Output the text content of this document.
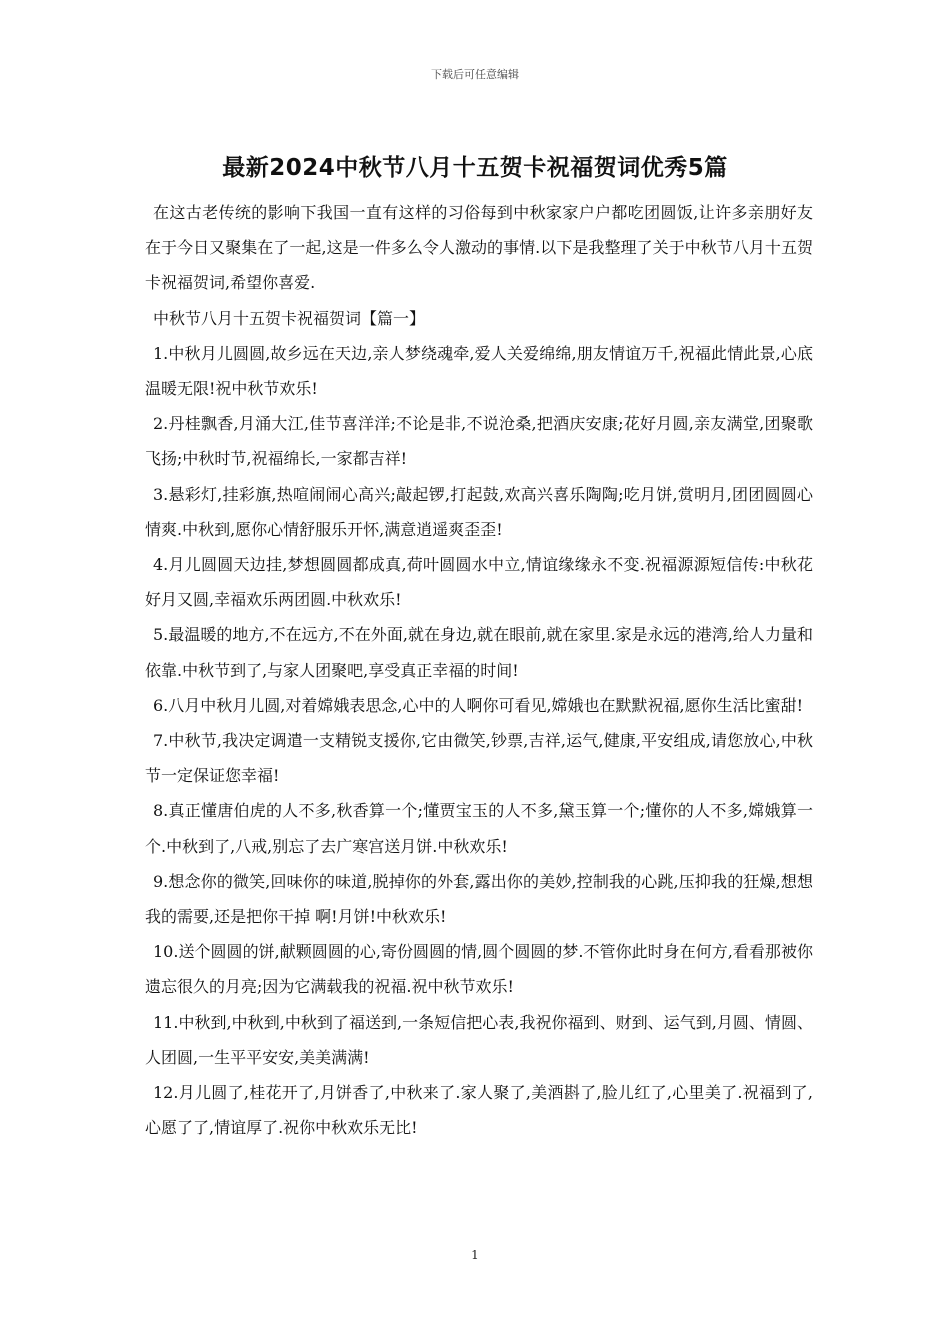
下载后可任意编辑
最新2024中秋节八月十五贺卡祝福贺词优秀5篇

在这古老传统的影响下我国一直有这样的习俗每到中秋家家户户都吃团圆饭,让许多亲朋好友在于今日又聚集在了一起,这是一件多么令人激动的事情.以下是我整理了关于中秋节八月十五贺卡祝福贺词,希望你喜爱.

中秋节八月十五贺卡祝福贺词【篇一】

1.中秋月儿圆圆,故乡远在天边,亲人梦绕魂牵,爱人关爱绵绵,朋友情谊万千,祝福此情此景,心底温暖无限!祝中秋节欢乐!

2.丹桂飘香,月涌大江,佳节喜洋洋;不论是非,不说沧桑,把酒庆安康;花好月圆,亲友满堂,团聚歌飞扬;中秋时节,祝福绵长,一家都吉祥!

3.悬彩灯,挂彩旗,热喧闹闹心高兴;敲起锣,打起鼓,欢高兴喜乐陶陶;吃月饼,赏明月,团团圆圆心情爽.中秋到,愿你心情舒服乐开怀,满意逍遥爽歪歪!

4.月儿圆圆天边挂,梦想圆圆都成真,荷叶圆圆水中立,情谊缘缘永不变.祝福源源短信传:中秋花好月又圆,幸福欢乐两团圆.中秋欢乐!

5.最温暖的地方,不在远方,不在外面,就在身边,就在眼前,就在家里.家是永远的港湾,给人力量和依靠.中秋节到了,与家人团聚吧,享受真正幸福的时间!

6.八月中秋月儿圆,对着嫦娥表思念,心中的人啊你可看见,嫦娥也在默默祝福,愿你生活比蜜甜!

7.中秋节,我决定调遣一支精锐支援你,它由微笑,钞票,吉祥,运气,健康,平安组成,请您放心,中秋节一定保证您幸福!

8.真正懂唐伯虎的人不多,秋香算一个;懂贾宝玉的人不多,黛玉算一个;懂你的人不多,嫦娥算一个.中秋到了,八戒,别忘了去广寒宫送月饼.中秋欢乐!

9.想念你的微笑,回味你的味道,脱掉你的外套,露出你的美妙,控制我的心跳,压抑我的狂燥,想想我的需要,还是把你干掉 啊!月饼!中秋欢乐!

10.送个圆圆的饼,献颗圆圆的心,寄份圆圆的情,圆个圆圆的梦.不管你此时身在何方,看看那被你遗忘很久的月亮;因为它满载我的祝福.祝中秋节欢乐!

11.中秋到,中秋到,中秋到了福送到,一条短信把心表,我祝你福到、财到、运气到,月圆、情圆、人团圆,一生平平安安,美美满满!

12.月儿圆了,桂花开了,月饼香了,中秋来了.家人聚了,美酒斟了,脸儿红了,心里美了.祝福到了,心愿了了,情谊厚了.祝你中秋欢乐无比!

1
